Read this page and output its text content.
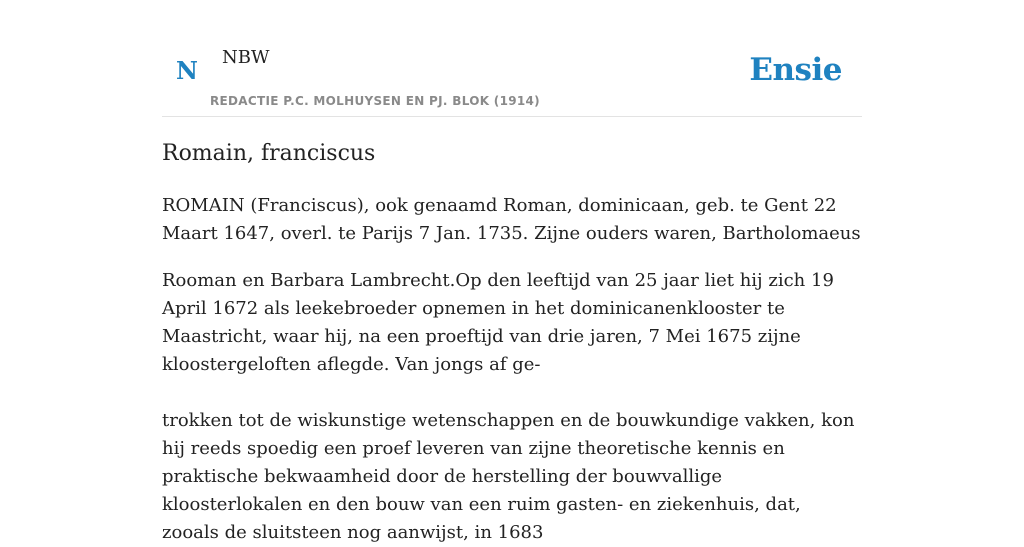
N NBW
REDACTIE P.C. MOLHUYSEN EN PJ. BLOK (1914)
Ensie
Romain, franciscus

ROMAIN (Franciscus), ook genaamd Roman, dominicaan, geb. te Gent 22 Maart 1647, overl. te Parijs 7 Jan. 1735. Zijne ouders waren, Bartholomaeus

Rooman en Barbara Lambrecht.Op den leeftijd van 25 jaar liet hij zich 19 April 1672 als leekebroeder opnemen in het dominicanenklooster te Maastricht, waar hij, na een proeftijd van drie jaren, 7 Mei 1675 zijne kloostergeloften aflegde. Van jongs af ge-

trokken tot de wiskunstige wetenschappen en de bouwkundige vakken, kon hij reeds spoedig een proef leveren van zijne theoretische kennis en praktische bekwaamheid door de herstelling der bouwvallige kloosterlokalen en den bouw van een ruim gasten- en ziekenhuis, dat, zooals de sluitsteen nog aanwijst, in 1683
